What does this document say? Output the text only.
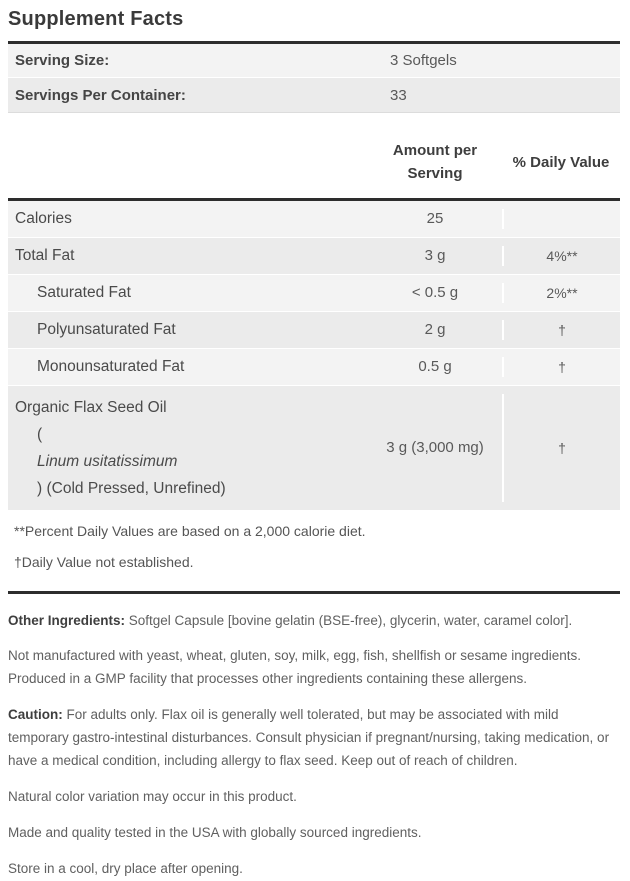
Supplement Facts
Serving Size:	3 Softgels
Servings Per Container:	33
Amount per Serving
% Daily Value
Calories	25
Total Fat	3 g	4%**
Saturated Fat	< 0.5 g	2%**
Polyunsaturated Fat	2 g	†
Monounsaturated Fat	0.5 g	†
Organic Flax Seed Oil
(
Linum usitatissimum
) (Cold Pressed, Unrefined)
3 g (3,000 mg)	†
**Percent Daily Values are based on a 2,000 calorie diet.
†Daily Value not established.

Other Ingredients: Softgel Capsule [bovine gelatin (BSE-free), glycerin, water, caramel color].

Not manufactured with yeast, wheat, gluten, soy, milk, egg, fish, shellfish or sesame ingredients. Produced in a GMP facility that processes other ingredients containing these allergens.

Caution: For adults only. Flax oil is generally well tolerated, but may be associated with mild temporary gastro-intestinal disturbances. Consult physician if pregnant/nursing, taking medication, or have a medical condition, including allergy to flax seed. Keep out of reach of children.

Natural color variation may occur in this product.

Made and quality tested in the USA with globally sourced ingredients.

Store in a cool, dry place after opening.
